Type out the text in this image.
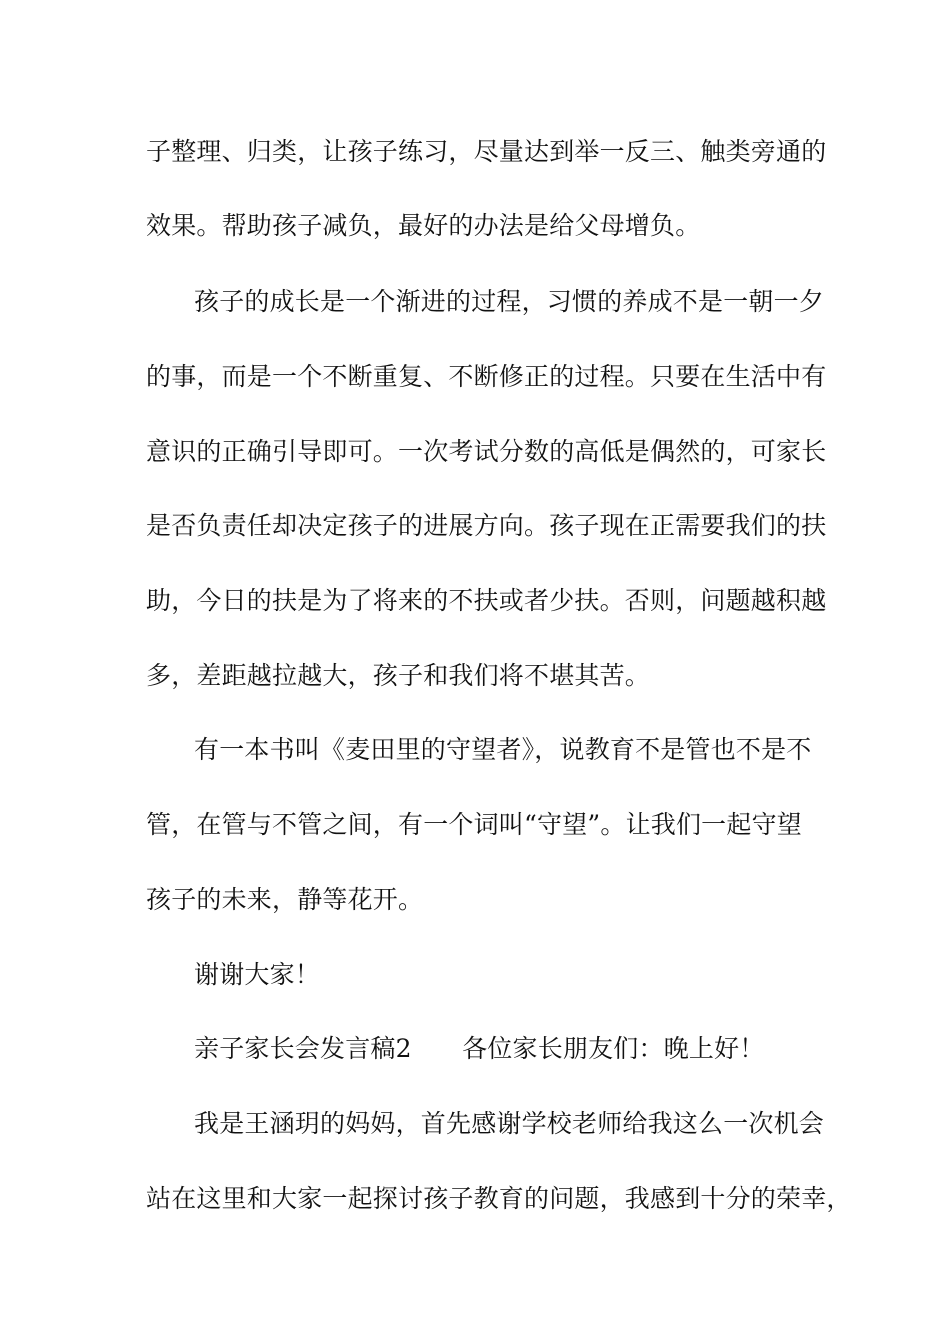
子整理、归类，让孩子练习，尽量达到举一反三、触类旁通的
效果。帮助孩子减负，最好的办法是给父母增负。
孩子的成长是一个渐进的过程，习惯的养成不是一朝一夕
的事，而是一个不断重复、不断修正的过程。只要在生活中有
意识的正确引导即可。一次考试分数的高低是偶然的，可家长
是否负责任却决定孩子的进展方向。孩子现在正需要我们的扶
助，今日的扶是为了将来的不扶或者少扶。否则，问题越积越
多，差距越拉越大，孩子和我们将不堪其苦。
有一本书叫《麦田里的守望者》，说教育不是管也不是不
管，在管与不管之间，有一个词叫“守望”。让我们一起守望
孩子的未来，静等花开。
谢谢大家！
亲子家长会发言稿2　　各位家长朋友们：晚上好！
我是王涵玥的妈妈，首先感谢学校老师给我这么一次机会
站在这里和大家一起探讨孩子教育的问题，我感到十分的荣幸，
